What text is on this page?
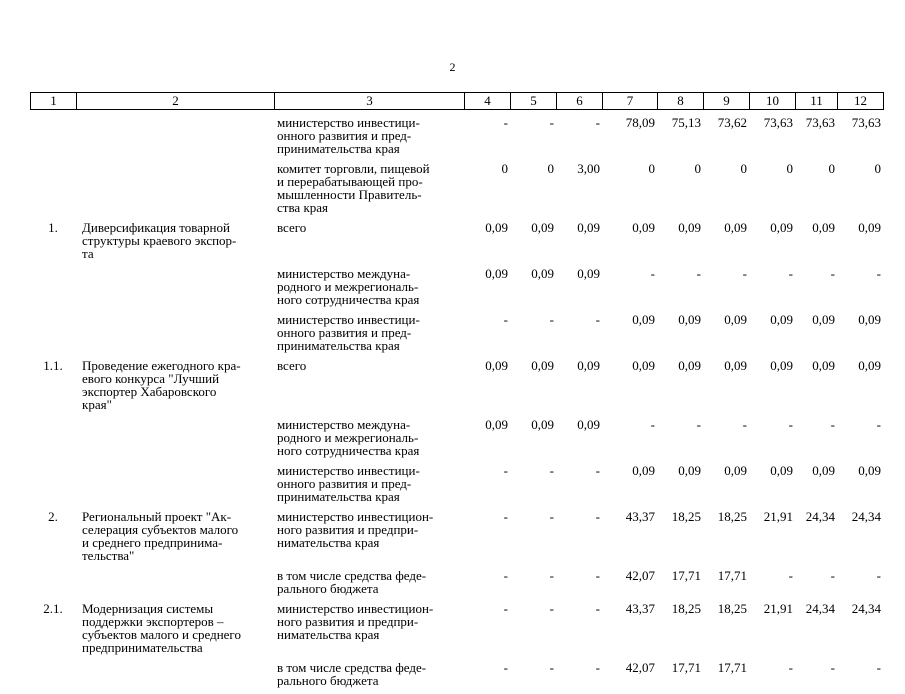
2
1	2	3	4	5	6	7	8	9	10	11	12
		министерство инвестици-
онного развития и пред-
принимательства края	-	-	-	78,09	75,13	73,62	73,63	73,63	73,63
		комитет торговли, пищевой
и перерабатывающей про-
мышленности Правитель-
ства края	0	0	3,00	0	0	0	0	0	0
1.	Диверсификация товарной
структуры краевого экспор-
та	всего	0,09	0,09	0,09	0,09	0,09	0,09	0,09	0,09	0,09
		министерство междуна-
родного и межрегиональ-
ного сотрудничества края	0,09	0,09	0,09	-	-	-	-	-	-
		министерство инвестици-
онного развития и пред-
принимательства края	-	-	-	0,09	0,09	0,09	0,09	0,09	0,09
1.1.	Проведение ежегодного кра-
евого конкурса "Лучший
экспортер Хабаровского
края"	всего	0,09	0,09	0,09	0,09	0,09	0,09	0,09	0,09	0,09
		министерство междуна-
родного и межрегиональ-
ного сотрудничества края	0,09	0,09	0,09	-	-	-	-	-	-
		министерство инвестици-
онного развития и пред-
принимательства края	-	-	-	0,09	0,09	0,09	0,09	0,09	0,09
2.	Региональный проект "Ак-
селерация субъектов малого
и среднего предпринима-
тельства"	министерство инвестицион-
ного развития и предпри-
нимательства края	-	-	-	43,37	18,25	18,25	21,91	24,34	24,34
		в том числе средства феде-
рального бюджета	-	-	-	42,07	17,71	17,71	-	-	-
2.1.	Модернизация системы
поддержки экспортеров –
субъектов малого и среднего
предпринимательства	министерство инвестицион-
ного развития и предпри-
нимательства края	-	-	-	43,37	18,25	18,25	21,91	24,34	24,34
		в том числе средства феде-
рального бюджета	-	-	-	42,07	17,71	17,71	-	-	-
